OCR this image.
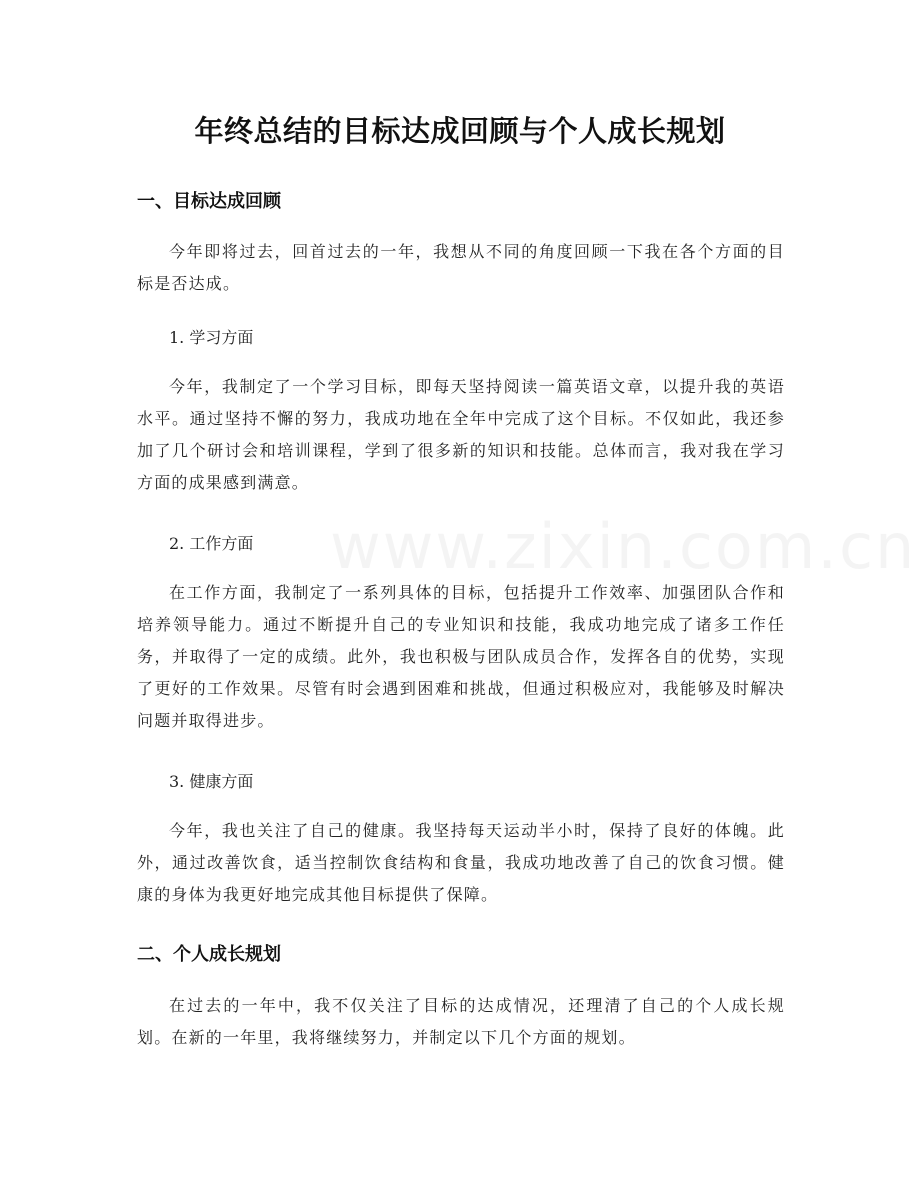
年终总结的目标达成回顾与个人成长规划
一、目标达成回顾

今年即将过去，回首过去的一年，我想从不同的角度回顾一下我在各个方面的目标是否达成。

1. 学习方面

今年，我制定了一个学习目标，即每天坚持阅读一篇英语文章，以提升我的英语水平。通过坚持不懈的努力，我成功地在全年中完成了这个目标。不仅如此，我还参加了几个研讨会和培训课程，学到了很多新的知识和技能。总体而言，我对我在学习方面的成果感到满意。

2. 工作方面

在工作方面，我制定了一系列具体的目标，包括提升工作效率、加强团队合作和培养领导能力。通过不断提升自己的专业知识和技能，我成功地完成了诸多工作任务，并取得了一定的成绩。此外，我也积极与团队成员合作，发挥各自的优势，实现了更好的工作效果。尽管有时会遇到困难和挑战，但通过积极应对，我能够及时解决问题并取得进步。

3. 健康方面

今年，我也关注了自己的健康。我坚持每天运动半小时，保持了良好的体魄。此外，通过改善饮食，适当控制饮食结构和食量，我成功地改善了自己的饮食习惯。健康的身体为我更好地完成其他目标提供了保障。

二、个人成长规划

在过去的一年中，我不仅关注了目标的达成情况，还理清了自己的个人成长规划。在新的一年里，我将继续努力，并制定以下几个方面的规划。
